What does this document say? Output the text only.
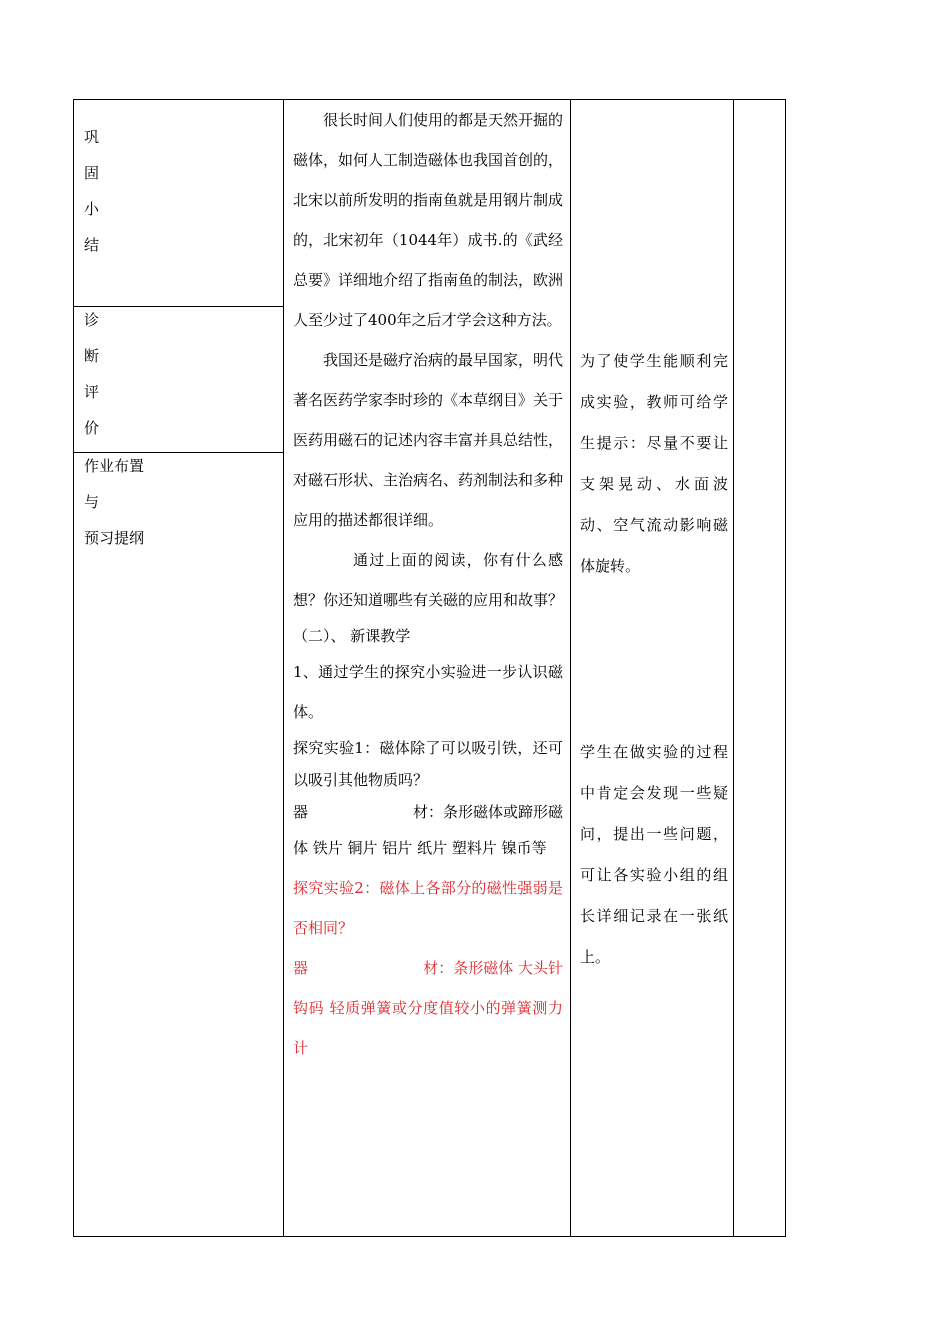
巩
固
小
结
诊
断
评
价
作业布置
与
预习提纲

很长时间人们使用的都是天然开掘的磁体，如何人工制造磁体也我国首创的，北宋以前所发明的指南鱼就是用钢片制成的，北宋初年（1044年）成书.的《武经总要》详细地介绍了指南鱼的制法，欧洲人至少过了400年之后才学会这种方法。

我国还是磁疗治病的最早国家，明代著名医药学家李时珍的《本草纲目》关于医药用磁石的记述内容丰富并具总结性，对磁石形状、主治病名、药剂制法和多种应用的描述都很详细。

通过上面的阅读，你有什么感想？你还知道哪些有关磁的应用和故事？

（二）、 新课教学

1、通过学生的探究小实验进一步认识磁体。

探究实验1：磁体除了可以吸引铁，还可以吸引其他物质吗？

器	材：条形磁体或蹄形磁

体 铁片 铜片 铝片 纸片 塑料片 镍币等

探究实验2：磁体上各部分的磁性强弱是否相同？

器	材：条形磁体 大头针

钩码 轻质弹簧或分度值较小的弹簧测力计

为了使学生能顺利完成实验，教师可给学生提示：尽量不要让支架晃动、水面波动、空气流动影响磁体旋转。

学生在做实验的过程中肯定会发现一些疑问，提出一些问题，可让各实验小组的组长详细记录在一张纸上。
